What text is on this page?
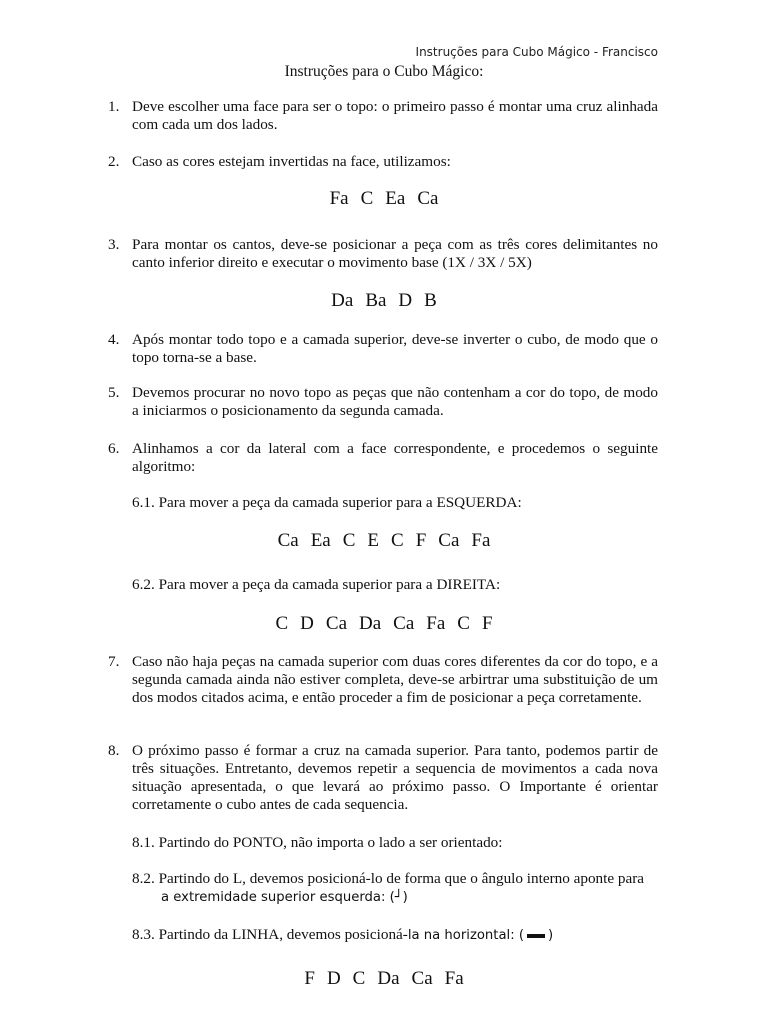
Instruções para Cubo Mágico - Francisco
Instruções para o Cubo Mágico:
1. Deve escolher uma face para ser o topo: o primeiro passo é montar uma cruz alinhada com cada um dos lados.
2. Caso as cores estejam invertidas na face, utilizamos:
Fa C Ea Ca
3. Para montar os cantos, deve-se posicionar a peça com as três cores delimitantes no canto inferior direito e executar o movimento base (1X / 3X / 5X)
Da Ba D B
4. Após montar todo topo e a camada superior, deve-se inverter o cubo, de modo que o topo torna-se a base.
5. Devemos procurar no novo topo as peças que não contenham a cor do topo, de modo a iniciarmos o posicionamento da segunda camada.
6. Alinhamos a cor da lateral com a face correspondente, e procedemos o seguinte algoritmo:
6.1. Para mover a peça da camada superior para a ESQUERDA:
Ca Ea C E C F Ca Fa
6.2. Para mover a peça da camada superior para a DIREITA:
C D Ca Da Ca Fa C F
7. Caso não haja peças na camada superior com duas cores diferentes da cor do topo, e a segunda camada ainda não estiver completa, deve-se arbirtrar uma substituição de um dos modos citados acima, e então proceder a fim de posicionar a peça corretamente.
8. O próximo passo é formar a cruz na camada superior. Para tanto, podemos partir de três situações. Entretanto, devemos repetir a sequencia de movimentos a cada nova situação apresentada, o que levará ao próximo passo. O Importante é orientar corretamente o cubo antes de cada sequencia.
8.1. Partindo do PONTO, não importa o lado a ser orientado:
8.2. Partindo do L, devemos posicioná-lo de forma que o ângulo interno aponte para
a extremidade superior esquerda: (┘)
8.3. Partindo da LINHA, devemos posicioná-la na horizontal: ( )
F D C Da Ca Fa
